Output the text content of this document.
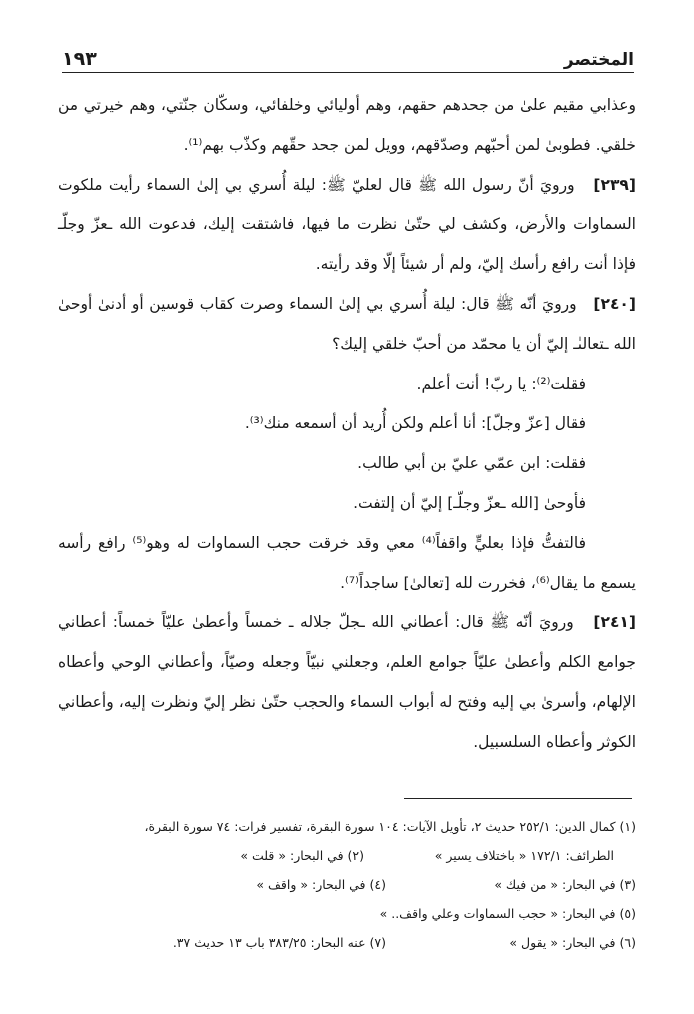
المختصر
١٩٣

وعذابي مقيم علىٰ من جحدهم حقهم، وهم أوليائي وخلفائي، وسكّان جنّتي، وهم خيرتي من خلقي. فطوبىٰ لمن أحبّهم وصدّقهم، وويل لمن جحد حقّهم وكذّب بهم⁽¹⁾.

[٢٣٩]   ورويَ أنّ رسول الله ﷺ قال لعليّ ﷺ: ليلة أُسري بي إلىٰ السماء رأيت ملكوت السماوات والأرض، وكشف لي حتّىٰ نظرت ما فيها، فاشتقت إليك، فدعوت الله ـعزّ وجلّـ فإذا أنت رافع رأسك إليّ، ولم أر شيئاً إلّا وقد رأيته.

[٢٤٠]   ورويَ أنّه ﷺ قال: ليلة أُسري بي إلىٰ السماء وصرت كقاب قوسين أو أدنىٰ أوحىٰ الله ـتعالىٰـ إليّ أن يا محمّد من أحبّ خلقي إليك؟

فقلت⁽²⁾: يا ربّ! أنت أعلم.

فقال [عزّ وجلّ]: أنا أعلم ولكن أُريد أن أسمعه منك⁽³⁾.

فقلت: ابن عمّي عليّ بن أبي طالب.

فأوحىٰ [الله ـعزّ وجلّـ] إليّ أن إلتفت.

فالتفتُّ فإذا بعليٍّ واقفاً⁽⁴⁾ معي وقد خرقت حجب السماوات له وهو⁽⁵⁾ رافع رأسه يسمع ما يقال⁽⁶⁾، فخررت لله [تعالىٰ] ساجداً⁽⁷⁾.

[٢٤١]   ورويَ أنّه ﷺ قال: أعطاني الله ـجلّ جلاله ـ خمساً وأعطىٰ عليّاً خمساً: أعطاني جوامع الكلم وأعطىٰ عليّاً جوامع العلم، وجعلني نبيّاً وجعله وصيّاً، وأعطاني الوحي وأعطاه الإلهام، وأسرىٰ بي إليه وفتح له أبواب السماء والحجب حتّىٰ نظر إليّ ونظرت إليه، وأعطاني الكوثر وأعطاه السلسبيل.

(١) كمال الدين: ٢٥٢/١ حديث ٢، تأويل الآيات: ١٠٤ سورة البقرة، تفسير فرات: ٧٤ سورة البقرة،
الطرائف: ١٧٢/١ « باختلاف يسير »
(٢) في البحار: « قلت »
(٣) في البحار: « من فيك »
(٤) في البحار: « واقف »
(٥) في البحار: « حجب السماوات وعلي واقف.. »
(٦) في البحار: « يقول »
(٧) عنه البحار: ٣٨٣/٢٥ باب ١٣ حديث ٣٧.
